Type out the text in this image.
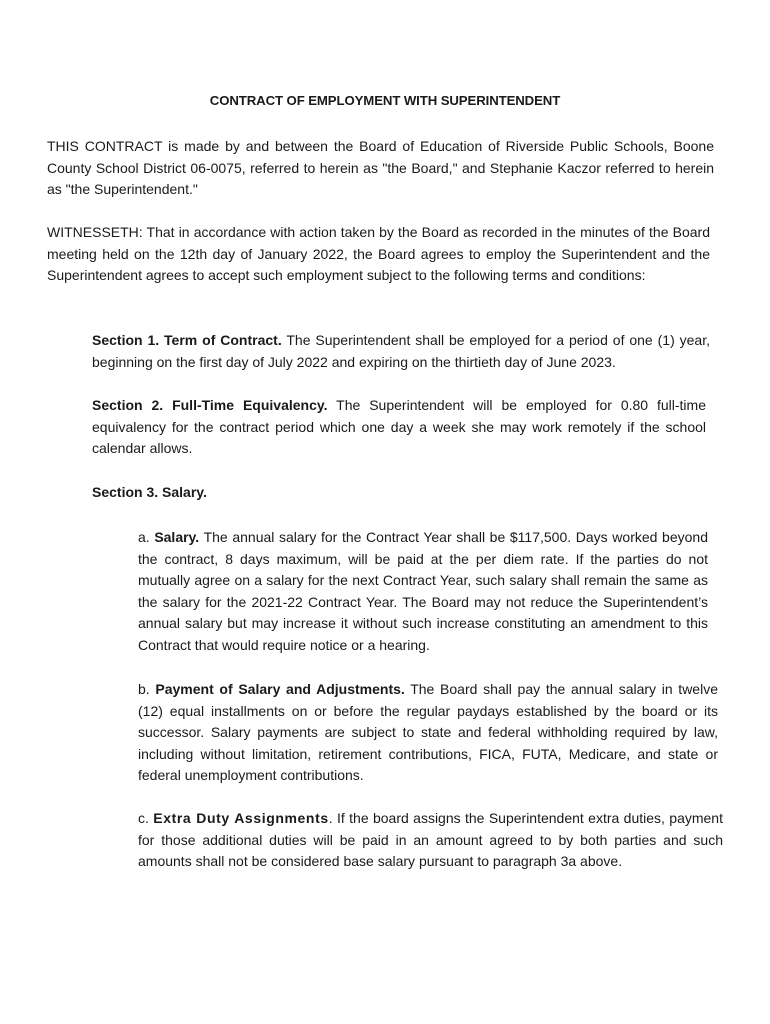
CONTRACT OF EMPLOYMENT WITH SUPERINTENDENT

THIS CONTRACT is made by and between the Board of Education of Riverside Public Schools, Boone County School District 06-0075, referred to herein as "the Board," and Stephanie Kaczor referred to herein as "the Superintendent."

WITNESSETH: That in accordance with action taken by the Board as recorded in the minutes of the Board meeting held on the 12th day of January 2022, the Board agrees to employ the Superintendent and the Superintendent agrees to accept such employment subject to the following terms and conditions:

Section 1. Term of Contract. The Superintendent shall be employed for a period of one (1) year, beginning on the first day of July 2022 and expiring on the thirtieth day of June 2023.

Section 2. Full-Time Equivalency. The Superintendent will be employed for 0.80 full-time equivalency for the contract period which one day a week she may work remotely if the school calendar allows.

Section 3. Salary.

a. Salary. The annual salary for the Contract Year shall be $117,500. Days worked beyond the contract, 8 days maximum, will be paid at the per diem rate. If the parties do not mutually agree on a salary for the next Contract Year, such salary shall remain the same as the salary for the 2021-22 Contract Year. The Board may not reduce the Superintendent’s annual salary but may increase it without such increase constituting an amendment to this Contract that would require notice or a hearing.

b. Payment of Salary and Adjustments. The Board shall pay the annual salary in twelve (12) equal installments on or before the regular paydays established by the board or its successor. Salary payments are subject to state and federal withholding required by law, including without limitation, retirement contributions, FICA, FUTA, Medicare, and state or federal unemployment contributions.

c. Extra Duty Assignments. If the board assigns the Superintendent extra duties, payment for those additional duties will be paid in an amount agreed to by both parties and such amounts shall not be considered base salary pursuant to paragraph 3a above.
